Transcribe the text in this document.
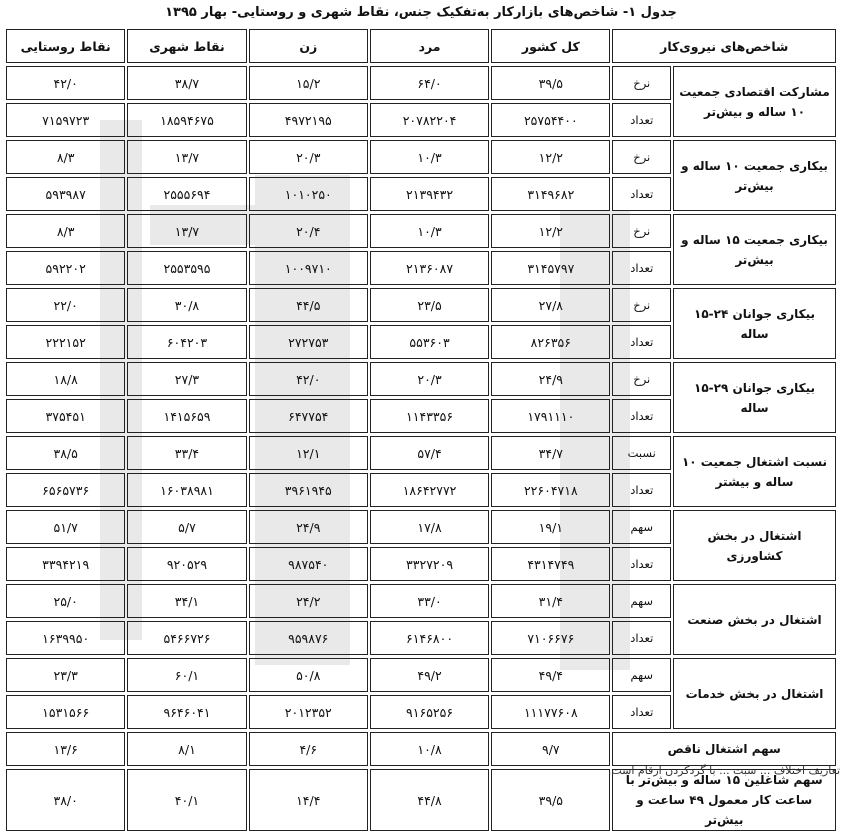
جدول ۱- شاخص‌های بازارکار به‌تفکیک جنس، نقاط شهری و روستایی- بهار ۱۳۹۵
شاخص‌های نیروی‌کار		کل کشور	مرد	زن	نقاط شهری	نقاط روستایی
مشارکت اقتصادی جمعیت ۱۰ ساله و بیش‌تر	نرخ	۳۹/۵	۶۴/۰	۱۵/۲	۳۸/۷	۴۲/۰
	تعداد	۲۵۷۵۴۴۰۰	۲۰۷۸۲۲۰۴	۴۹۷۲۱۹۵	۱۸۵۹۴۶۷۵	۷۱۵۹۷۲۳
بیکاری جمعیت ۱۰ ساله و بیش‌تر	نرخ	۱۲/۲	۱۰/۳	۲۰/۳	۱۳/۷	۸/۳
	تعداد	۳۱۴۹۶۸۲	۲۱۳۹۴۳۲	۱۰۱۰۲۵۰	۲۵۵۵۶۹۴	۵۹۳۹۸۷
بیکاری جمعیت ۱۵ ساله و بیش‌تر	نرخ	۱۲/۲	۱۰/۳	۲۰/۴	۱۳/۷	۸/۳
	تعداد	۳۱۴۵۷۹۷	۲۱۳۶۰۸۷	۱۰۰۹۷۱۰	۲۵۵۳۵۹۵	۵۹۲۲۰۲
بیکاری جوانان ۲۴-۱۵ ساله	نرخ	۲۷/۸	۲۳/۵	۴۴/۵	۳۰/۸	۲۲/۰
	تعداد	۸۲۶۳۵۶	۵۵۳۶۰۳	۲۷۲۷۵۳	۶۰۴۲۰۳	۲۲۲۱۵۲
بیکاری جوانان ۲۹-۱۵ ساله	نرخ	۲۴/۹	۲۰/۳	۴۲/۰	۲۷/۳	۱۸/۸
	تعداد	۱۷۹۱۱۱۰	۱۱۴۳۳۵۶	۶۴۷۷۵۴	۱۴۱۵۶۵۹	۳۷۵۴۵۱
نسبت اشتغال جمعیت ۱۰ ساله و بیشتر	نسبت	۳۴/۷	۵۷/۴	۱۲/۱	۳۳/۴	۳۸/۵
	تعداد	۲۲۶۰۴۷۱۸	۱۸۶۴۲۷۷۲	۳۹۶۱۹۴۵	۱۶۰۳۸۹۸۱	۶۵۶۵۷۳۶
اشتغال در بخش کشاورزی	سهم	۱۹/۱	۱۷/۸	۲۴/۹	۵/۷	۵۱/۷
	تعداد	۴۳۱۴۷۴۹	۳۳۲۷۲۰۹	۹۸۷۵۴۰	۹۲۰۵۲۹	۳۳۹۴۲۱۹
اشتغال در بخش صنعت	سهم	۳۱/۴	۳۳/۰	۲۴/۲	۳۴/۱	۲۵/۰
	تعداد	۷۱۰۶۶۷۶	۶۱۴۶۸۰۰	۹۵۹۸۷۶	۵۴۶۶۷۲۶	۱۶۳۹۹۵۰
اشتغال در بخش خدمات	سهم	۴۹/۴	۴۹/۲	۵۰/۸	۶۰/۱	۲۳/۳
	تعداد	۱۱۱۷۷۶۰۸	۹۱۶۵۲۵۶	۲۰۱۲۳۵۲	۹۶۴۶۰۴۱	۱۵۳۱۵۶۶
سهم اشتغال ناقص		۹/۷	۱۰/۸	۴/۶	۸/۱	۱۳/۶
سهم شاغلین ۱۵ ساله و بیش‌تر با ساعت کار معمول ۴۹ ساعت و بیش‌تر		۳۹/۵	۴۴/۸	۱۴/۴	۴۰/۱	۳۸/۰
تعاریف اختلاف ... سبت ... با گردکردن ارقام است.
